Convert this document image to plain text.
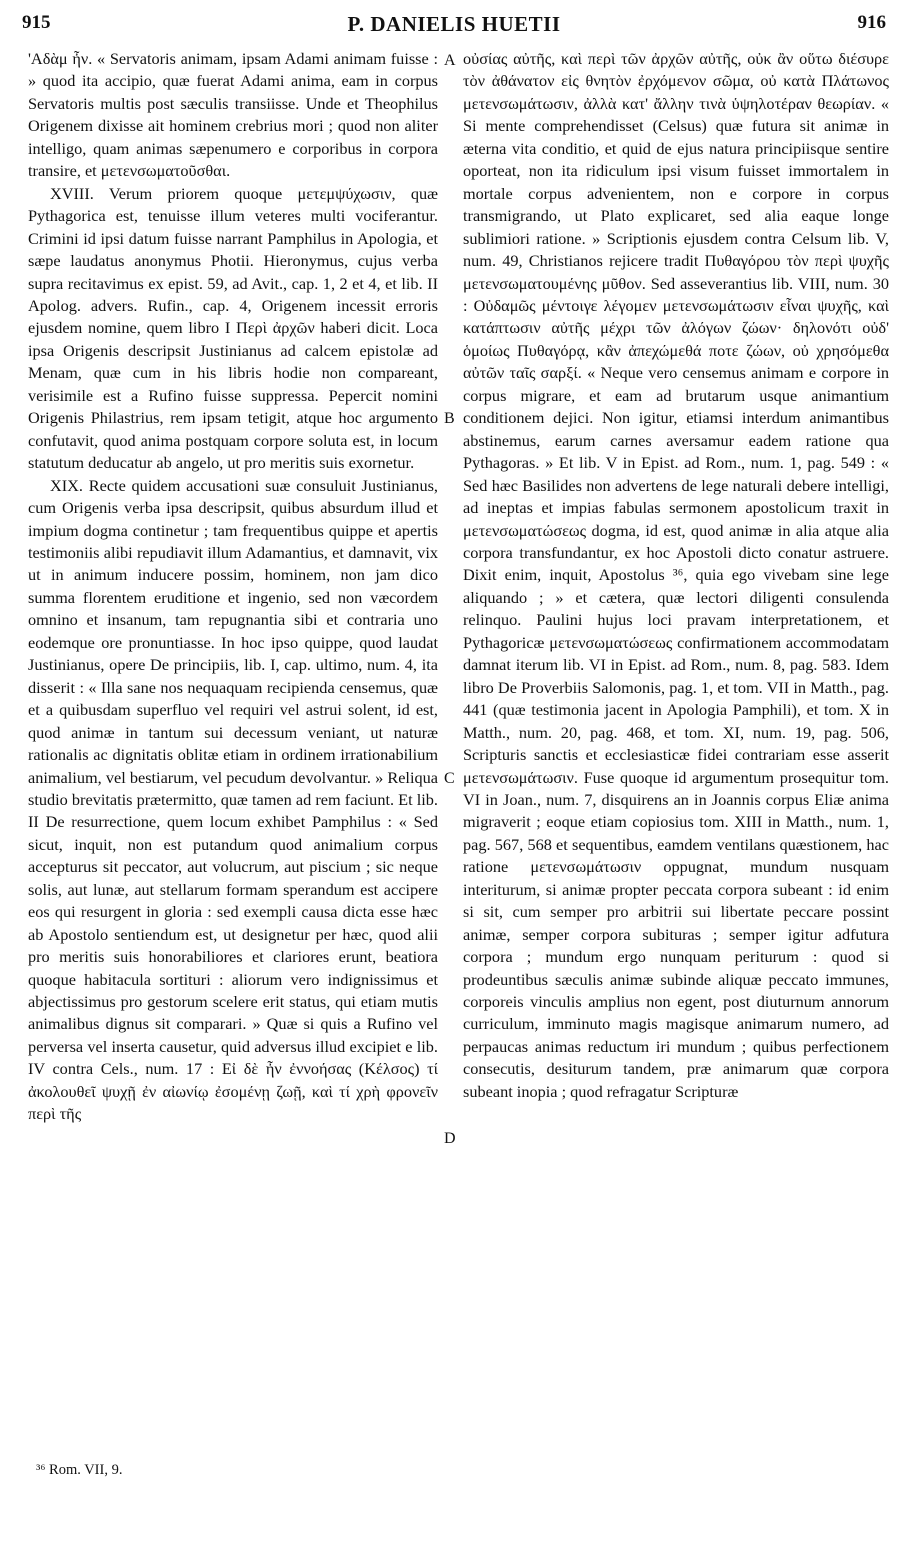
915	P. DANIELIS HUETII	916

'Αδὰμ ἦν. « Servatoris animam, ipsam Adami animam fuisse : » quod ita accipio, quæ fuerat Adami anima, eam in corpus Servatoris multis post sæculis transiisse. Unde et Theophilus Origenem dixisse ait hominem crebrius mori ; quod non aliter intelligo, quam animas sæpenumero e corporibus in corpora transire, et μετενσωματοῦσθαι.

XVIII. Verum priorem quoque μετεμψύχωσιν, quæ Pythagorica est, tenuisse illum veteres multi vociferantur. Crimini id ipsi datum fuisse narrant Pamphilus in Apologia, et sæpe laudatus anonymus Photii. Hieronymus, cujus verba supra recitavimus ex epist. 59, ad Avit., cap. 1, 2 et 4, et lib. II Apolog. advers. Rufin., cap. 4, Origenem incessit erroris ejusdem nomine, quem libro I Περὶ ἀρχῶν haberi dicit. Loca ipsa Origenis descripsit Justinianus ad calcem epistolæ ad Menam, quæ cum in his libris hodie non compareant, verisimile est a Rufino fuisse suppressa. Pepercit nomini Origenis Philastrius, rem ipsam tetigit, atque hoc argumento confutavit, quod anima postquam corpore soluta est, in locum statutum deducatur ab angelo, ut pro meritis suis exornetur.

XIX. Recte quidem accusationi suæ consuluit Justinianus, cum Origenis verba ipsa descripsit, quibus absurdum illud et impium dogma continetur ; tam frequentibus quippe et apertis testimoniis alibi repudiavit illum Adamantius, et damnavit, vix ut in animum inducere possim, hominem, non jam dico summa florentem eruditione et ingenio, sed non væcordem omnino et insanum, tam repugnantia sibi et contraria uno eodemque ore pronuntiasse. In hoc ipso quippe, quod laudat Justinianus, opere De principiis, lib. I, cap. ultimo, num. 4, ita disserit : « Illa sane nos nequaquam recipienda censemus, quæ et a quibusdam superfluo vel requiri vel astrui solent, id est, quod animæ in tantum sui decessum veniant, ut naturæ rationalis ac dignitatis oblitæ etiam in ordinem irrationabilium animalium, vel bestiarum, vel pecudum devolvantur. » Reliqua studio brevitatis prætermitto, quæ tamen ad rem faciunt. Et lib. II De resurrectione, quem locum exhibet Pamphilus : « Sed sicut, inquit, non est putandum quod animalium corpus accepturus sit peccator, aut volucrum, aut piscium ; sic neque solis, aut lunæ, aut stellarum formam sperandum est accipere eos qui resurgent in gloria : sed exempli causa dicta esse hæc ab Apostolo sentiendum est, ut designetur per hæc, quod alii pro meritis suis honorabiliores et clariores erunt, beatiora quoque habitacula sortituri : aliorum vero indignissimus et abjectissimus pro gestorum scelere erit status, qui etiam mutis animalibus dignus sit comparari. » Quæ si quis a Rufino vel perversa vel inserta causetur, quid adversus illud excipiet e lib. IV contra Cels., num. 17 : Εἰ δὲ ἦν ἐννοήσας (Κέλσος) τί ἀκολουθεῖ ψυχῇ ἐν αἰωνίῳ ἐσομένῃ ζωῇ, καὶ τί χρὴ φρονεῖν περὶ τῆς

A
B
C
D

οὐσίας αὐτῆς, καὶ περὶ τῶν ἀρχῶν αὐτῆς, οὐκ ἂν οὕτω διέσυρε τὸν ἀθάνατον εἰς θνητὸν ἐρχόμενον σῶμα, οὐ κατὰ Πλάτωνος μετενσωμάτωσιν, ἀλλὰ κατ' ἄλλην τινὰ ὑψηλοτέραν θεωρίαν. « Si mente comprehendisset (Celsus) quæ futura sit animæ in æterna vita conditio, et quid de ejus natura principiisque sentire oporteat, non ita ridiculum ipsi visum fuisset immortalem in mortale corpus advenientem, non e corpore in corpus transmigrando, ut Plato explicaret, sed alia eaque longe sublimiori ratione. » Scriptionis ejusdem contra Celsum lib. V, num. 49, Christianos rejicere tradit Πυθαγόρου τὸν περὶ ψυχῆς μετενσωματουμένης μῦθον. Sed asseverantius lib. VIII, num. 30 : Οὐδαμῶς μέντοιγε λέγομεν μετενσωμάτωσιν εἶναι ψυχῆς, καὶ κατάπτωσιν αὐτῆς μέχρι τῶν ἀλόγων ζώων· δηλονότι οὐδ' ὁμοίως Πυθαγόρᾳ, κἂν ἀπεχώμεθά ποτε ζώων, οὐ χρησόμεθα αὐτῶν ταῖς σαρξί. « Neque vero censemus animam e corpore in corpus migrare, et eam ad brutarum usque animantium conditionem dejici. Non igitur, etiamsi interdum animantibus abstinemus, earum carnes aversamur eadem ratione qua Pythagoras. » Et lib. V in Epist. ad Rom., num. 1, pag. 549 : « Sed hæc Basilides non advertens de lege naturali debere intelligi, ad ineptas et impias fabulas sermonem apostolicum traxit in μετενσωματώσεως dogma, id est, quod animæ in alia atque alia corpora transfundantur, ex hoc Apostoli dicto conatur astruere. Dixit enim, inquit, Apostolus ³⁶, quia ego vivebam sine lege aliquando ; » et cætera, quæ lectori diligenti consulenda relinquo. Paulini hujus loci pravam interpretationem, et Pythagoricæ μετενσωματώσεως confirmationem accommodatam damnat iterum lib. VI in Epist. ad Rom., num. 8, pag. 583. Idem libro De Proverbiis Salomonis, pag. 1, et tom. VII in Matth., pag. 441 (quæ testimonia jacent in Apologia Pamphili), et tom. X in Matth., num. 20, pag. 468, et tom. XI, num. 19, pag. 506, Scripturis sanctis et ecclesiasticæ fidei contrariam esse asserit μετενσωμάτωσιν. Fuse quoque id argumentum prosequitur tom. VI in Joan., num. 7, disquirens an in Joannis corpus Eliæ anima migraverit ; eoque etiam copiosius tom. XIII in Matth., num. 1, pag. 567, 568 et sequentibus, eamdem ventilans quæstionem, hac ratione μετενσωμάτωσιν oppugnat, mundum nusquam interiturum, si animæ propter peccata corpora subeant : id enim si sit, cum semper pro arbitrii sui libertate peccare possint animæ, semper corpora subituras ; semper igitur adfutura corpora ; mundum ergo nunquam periturum : quod si prodeuntibus sæculis animæ subinde aliquæ peccato immunes, corporeis vinculis amplius non egent, post diuturnum annorum curriculum, imminuto magis magisque animarum numero, ad perpaucas animas reductum iri mundum ; quibus perfectionem consecutis, desiturum tandem, præ animarum quæ corpora subeant inopia ; quod refragatur Scripturæ

³⁶ Rom. VII, 9.
